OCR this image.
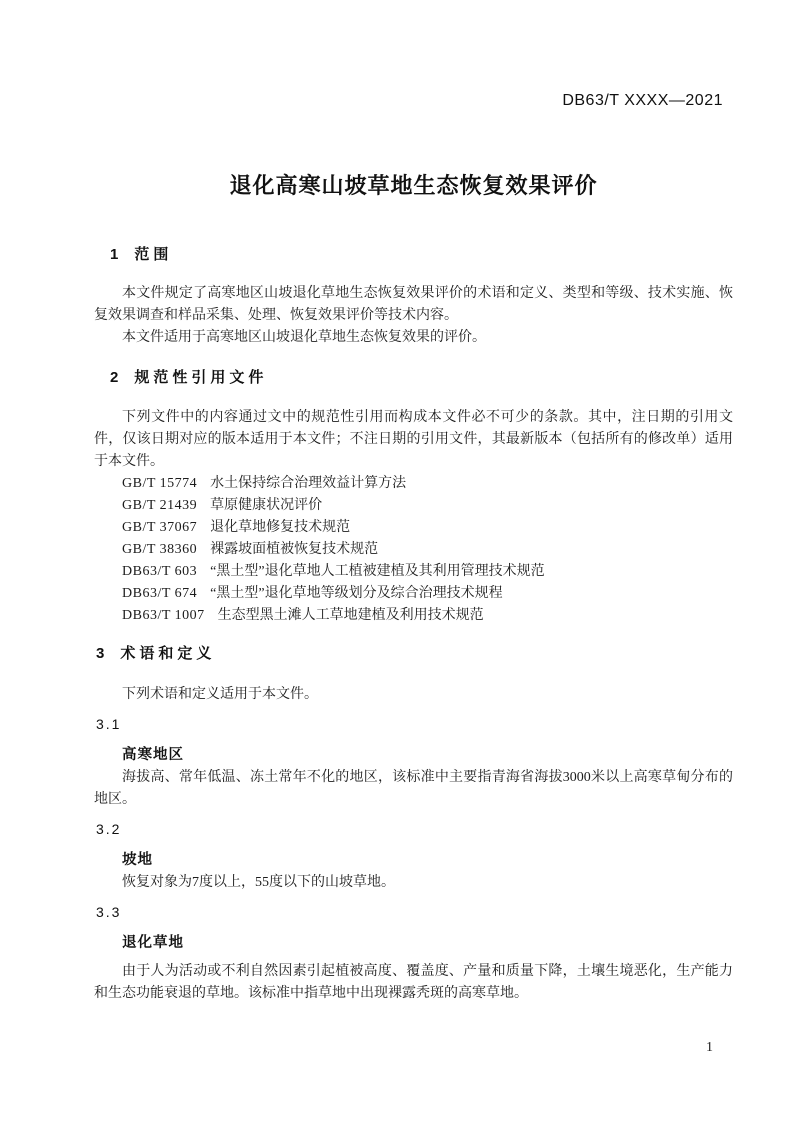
DB63/T XXXX—2021
退化高寒山坡草地生态恢复效果评价
1 范围

本文件规定了高寒地区山坡退化草地生态恢复效果评价的术语和定义、类型和等级、技术实施、恢复效果调查和样品采集、处理、恢复效果评价等技术内容。

本文件适用于高寒地区山坡退化草地生态恢复效果的评价。

2 规范性引用文件

下列文件中的内容通过文中的规范性引用而构成本文件必不可少的条款。其中，注日期的引用文件，仅该日期对应的版本适用于本文件；不注日期的引用文件，其最新版本（包括所有的修改单）适用于本文件。

GB/T 15774 水土保持综合治理效益计算方法
GB/T 21439 草原健康状况评价
GB/T 37067 退化草地修复技术规范
GB/T 38360 裸露坡面植被恢复技术规范
DB63/T 603 “黑土型”退化草地人工植被建植及其利用管理技术规范
DB63/T 674 “黑土型”退化草地等级划分及综合治理技术规程
DB63/T 1007 生态型黑土滩人工草地建植及利用技术规范
3 术语和定义

下列术语和定义适用于本文件。

3.1
高寒地区

海拔高、常年低温、冻土常年不化的地区，该标准中主要指青海省海拔3000米以上高寒草甸分布的地区。

3.2
坡地

恢复对象为7度以上，55度以下的山坡草地。

3.3
退化草地

由于人为活动或不利自然因素引起植被高度、覆盖度、产量和质量下降，土壤生境恶化，生产能力和生态功能衰退的草地。该标准中指草地中出现裸露秃斑的高寒草地。

1
